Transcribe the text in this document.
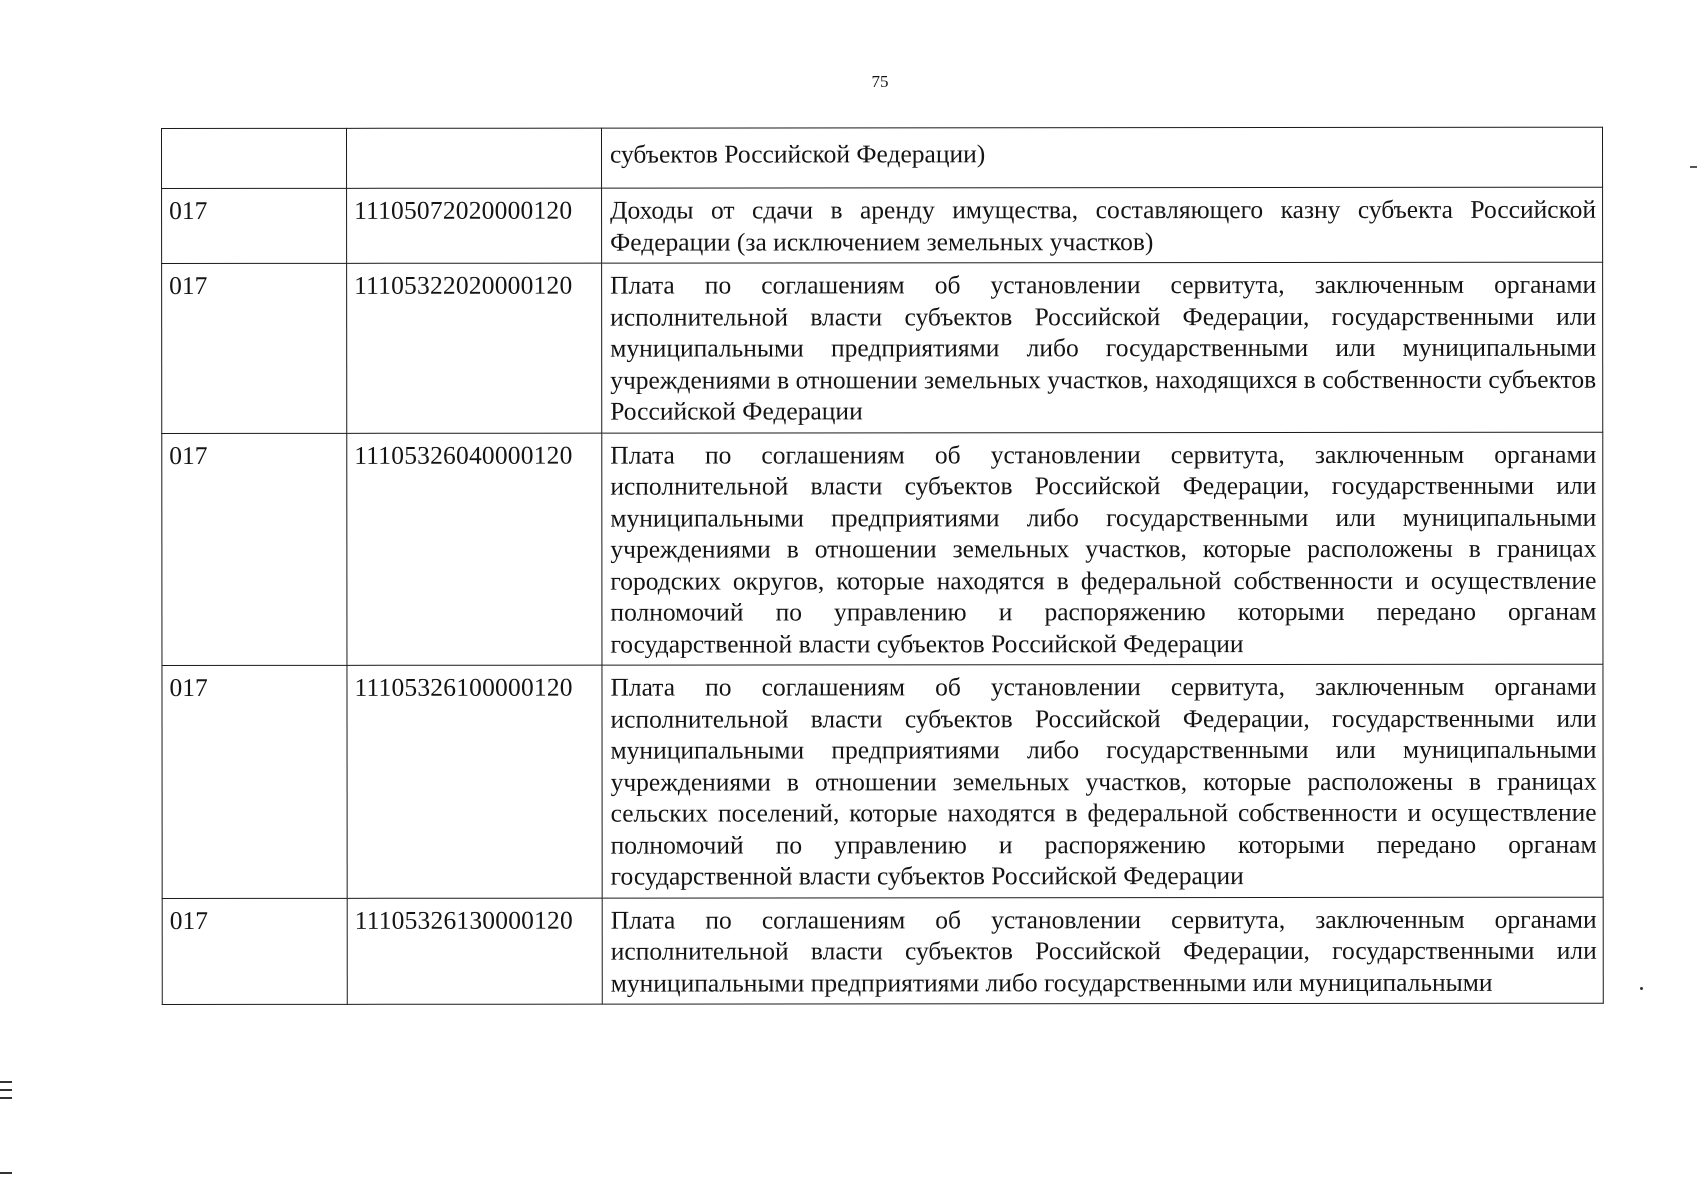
75
		субъектов Российской Федерации)
017	11105072020000120	Доходы от сдачи в аренду имущества, составляющего казну субъекта Российской Федерации (за исключением земельных участков)
017	11105322020000120	Плата по соглашениям об установлении сервитута, заключенным органами исполнительной власти субъектов Российской Федерации, государственными или муниципальными предприятиями либо государственными или муниципальными учреждениями в отношении земельных участков, находящихся в собственности субъектов Российской Федерации
017	11105326040000120	Плата по соглашениям об установлении сервитута, заключенным органами исполнительной власти субъектов Российской Федерации, государственными или муниципальными предприятиями либо государственными или муниципальными учреждениями в отношении земельных участков, которые расположены в границах городских округов, которые находятся в федеральной собственности и осуществление полномочий по управлению и распоряжению которыми передано органам государственной власти субъектов Российской Федерации
017	11105326100000120	Плата по соглашениям об установлении сервитута, заключенным органами исполнительной власти субъектов Российской Федерации, государственными или муниципальными предприятиями либо государственными или муниципальными учреждениями в отношении земельных участков, которые расположены в границах сельских поселений, которые находятся в федеральной собственности и осуществление полномочий по управлению и распоряжению которыми передано органам государственной власти субъектов Российской Федерации
017	11105326130000120	Плата по соглашениям об установлении сервитута, заключенным органами исполнительной власти субъектов Российской Федерации, государственными или муниципальными предприятиями либо государственными или муниципальными
